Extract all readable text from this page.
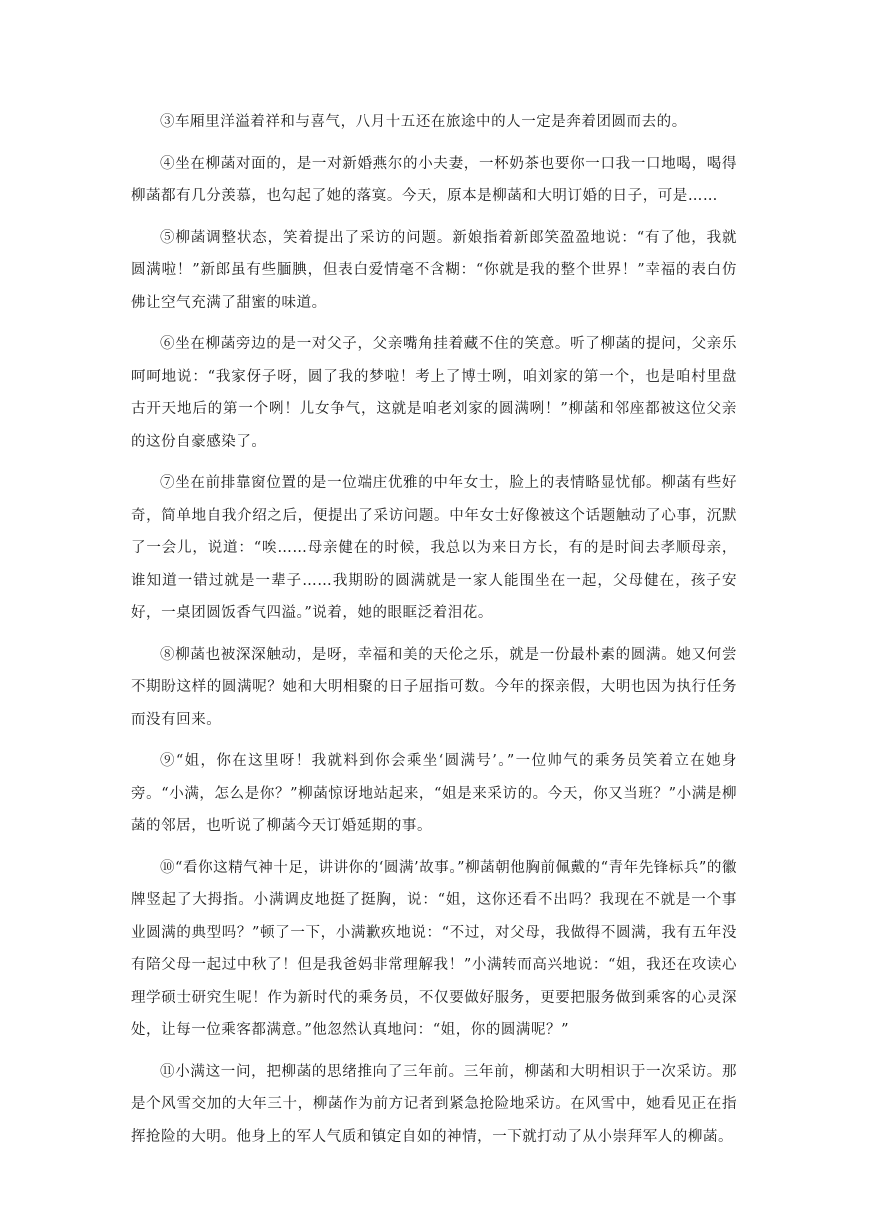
③车厢里洋溢着祥和与喜气，八月十五还在旅途中的人一定是奔着团圆而去的。

④坐在柳菡对面的，是一对新婚燕尔的小夫妻，一杯奶茶也要你一口我一口地喝，喝得柳菡都有几分羡慕，也勾起了她的落寞。今天，原本是柳菡和大明订婚的日子，可是……

⑤柳菡调整状态，笑着提出了采访的问题。新娘指着新郎笑盈盈地说：“有了他，我就圆满啦！”新郎虽有些腼腆，但表白爱情毫不含糊：“你就是我的整个世界！”幸福的表白仿佛让空气充满了甜蜜的味道。

⑥坐在柳菡旁边的是一对父子，父亲嘴角挂着藏不住的笑意。听了柳菡的提问，父亲乐呵呵地说：“我家伢子呀，圆了我的梦啦！考上了博士咧，咱刘家的第一个，也是咱村里盘古开天地后的第一个咧！儿女争气，这就是咱老刘家的圆满咧！”柳菡和邻座都被这位父亲的这份自豪感染了。

⑦坐在前排靠窗位置的是一位端庄优雅的中年女士，脸上的表情略显忧郁。柳菡有些好奇，简单地自我介绍之后，便提出了采访问题。中年女士好像被这个话题触动了心事，沉默了一会儿，说道：“唉……母亲健在的时候，我总以为来日方长，有的是时间去孝顺母亲，谁知道一错过就是一辈子……我期盼的圆满就是一家人能围坐在一起，父母健在，孩子安好，一桌团圆饭香气四溢。”说着，她的眼眶泛着泪花。

⑧柳菡也被深深触动，是呀，幸福和美的天伦之乐，就是一份最朴素的圆满。她又何尝不期盼这样的圆满呢？她和大明相聚的日子屈指可数。今年的探亲假，大明也因为执行任务而没有回来。

⑨“姐，你在这里呀！我就料到你会乘坐‘圆满号’。”一位帅气的乘务员笑着立在她身旁。“小满，怎么是你？”柳菡惊讶地站起来，“姐是来采访的。今天，你又当班？”小满是柳菡的邻居，也听说了柳菡今天订婚延期的事。

⑩“看你这精气神十足，讲讲你的‘圆满’故事。”柳菡朝他胸前佩戴的“青年先锋标兵”的徽牌竖起了大拇指。小满调皮地挺了挺胸，说：“姐，这你还看不出吗？我现在不就是一个事业圆满的典型吗？”顿了一下，小满歉疚地说：“不过，对父母，我做得不圆满，我有五年没有陪父母一起过中秋了！但是我爸妈非常理解我！”小满转而高兴地说：“姐，我还在攻读心理学硕士研究生呢！作为新时代的乘务员，不仅要做好服务，更要把服务做到乘客的心灵深处，让每一位乘客都满意。”他忽然认真地问：“姐，你的圆满呢？”

⑪小满这一问，把柳菡的思绪推向了三年前。三年前，柳菡和大明相识于一次采访。那是个风雪交加的大年三十，柳菡作为前方记者到紧急抢险地采访。在风雪中，她看见正在指挥抢险的大明。他身上的军人气质和镇定自如的神情，一下就打动了从小崇拜军人的柳菡。
